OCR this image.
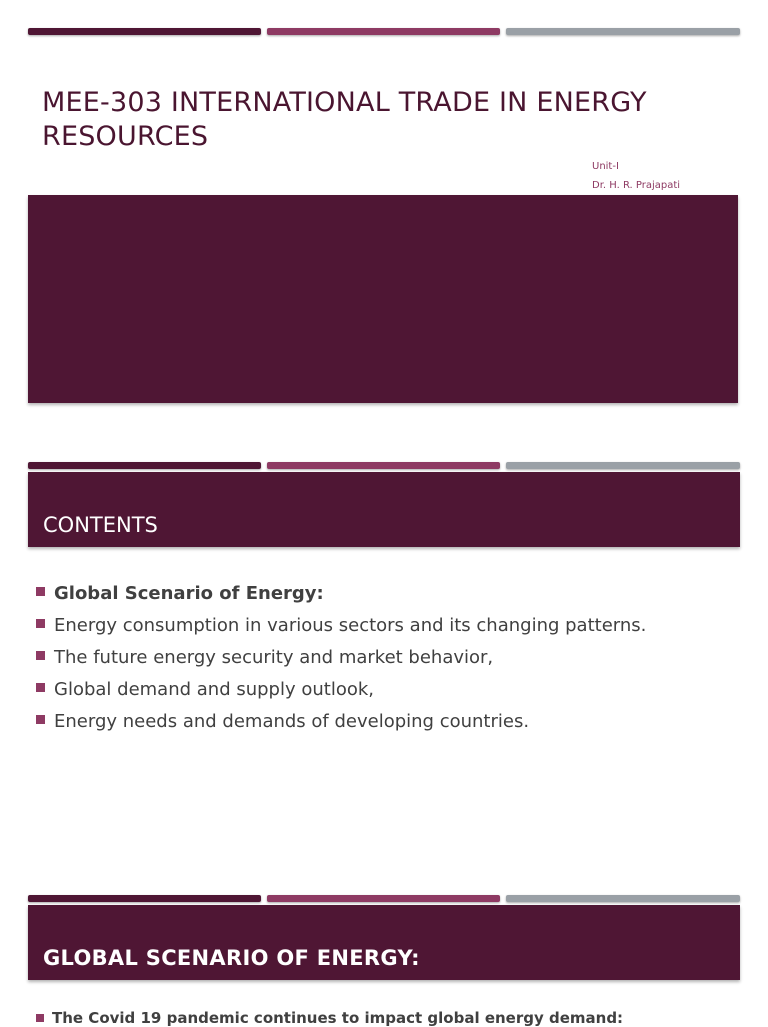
MEE-303 INTERNATIONAL TRADE IN ENERGY RESOURCES
Unit-I
Dr. H. R. Prajapati
CONTENTS
Global Scenario of Energy:
Energy consumption in various sectors and its changing patterns.
The future energy security and market behavior,
Global demand and supply outlook,
Energy needs and demands of developing countries.
GLOBAL SCENARIO OF ENERGY:
The Covid 19 pandemic continues to impact global energy demand:
